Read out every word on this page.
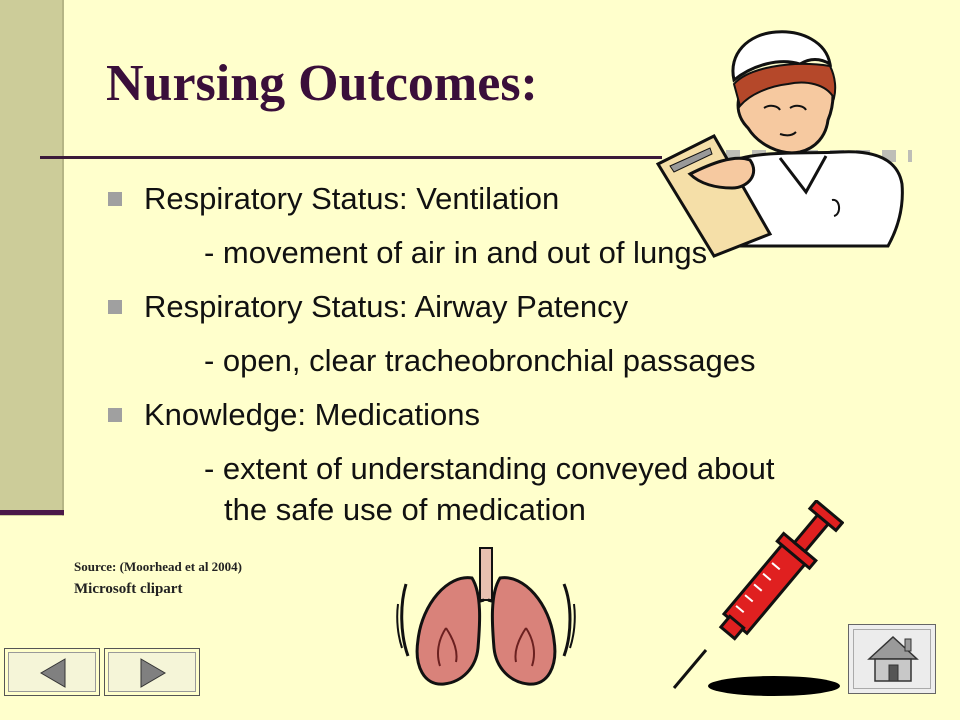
Nursing Outcomes:
Respiratory Status: Ventilation
- movement of air in and out of lungs
Respiratory Status: Airway Patency
- open, clear tracheobronchial passages
Knowledge: Medications
- extent of understanding conveyed about
the safe use of medication
Source: (Moorhead et al 2004)
Microsoft clipart
